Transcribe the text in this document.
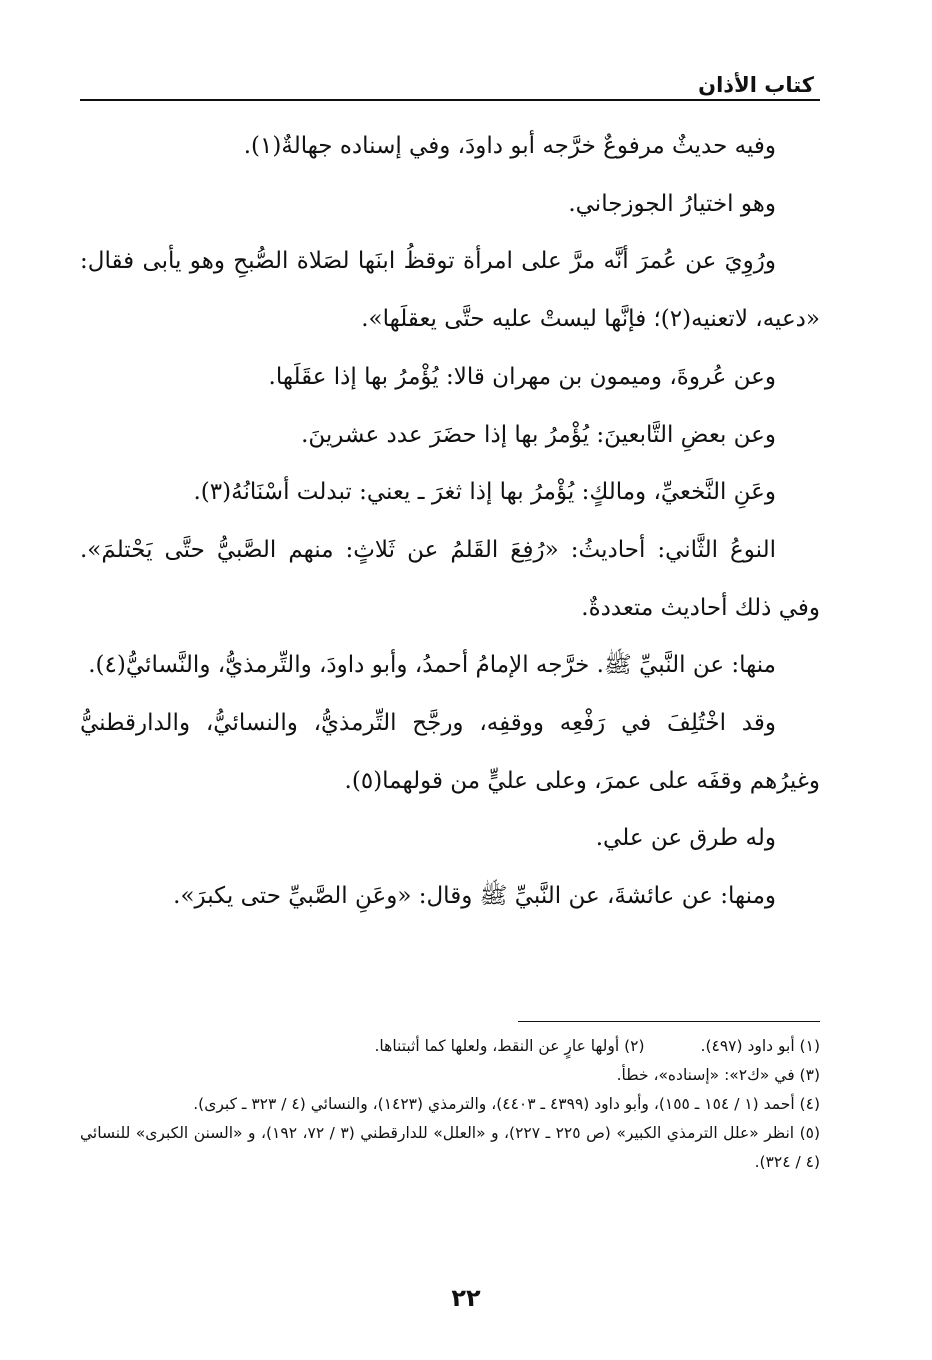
كتاب الأذان

وفيه حديثٌ مرفوعٌ خرَّجه أبو داودَ، وفي إسناده جهالةٌ(١).

وهو اختيارُ الجوزجاني.

ورُوِيَ عن عُمرَ أنَّه مرَّ على امرأة توقظُ ابنَها لصَلاة الصُّبحِ وهو يأبى فقال: «دعيه، لاتعنيه(٢)؛ فإنَّها ليستْ عليه حتَّى يعقلَها».

وعن عُروةَ، وميمون بن مهران قالا: يُؤْمرُ بها إذا عقَلَها.

وعن بعضِ التَّابعينَ: يُؤْمرُ بها إذا حضَرَ عدد عشرينَ.

وعَنِ النَّخعيِّ، ومالكٍ: يُؤْمرُ بها إذا ثغرَ ـ يعني: تبدلت أسْنَانُهُ(٣).

النوعُ الثَّاني: أحاديثُ: «رُفِعَ القَلمُ عن ثَلاثٍ: منهم الصَّبيُّ حتَّى يَحْتلمَ». وفي ذلك أحاديث متعددةٌ.

منها: عن النَّبيِّ ﷺ. خرَّجه الإمامُ أحمدُ، وأبو داودَ، والتِّرمذيُّ، والنَّسائيُّ(٤).

وقد اخْتُلِفَ في رَفْعِه ووقفِه، ورجَّح التِّرمذيُّ، والنسائيُّ، والدارقطنيُّ وغيرُهم وقفَه على عمرَ، وعلى عليٍّ من قولهما(٥).

وله طرق عن علي.

ومنها: عن عائشةَ، عن النَّبيِّ ﷺ وقال: «وعَنِ الصَّبيِّ حتى يكبرَ».

(١) أبو داود (٤٩٧).
(٢) أولها عارٍ عن النقط، ولعلها كما أثبتناها.

(٣) في «ك٢»: «إسناده»، خطأ.

(٤) أحمد (١ / ١٥٤ ـ ١٥٥)، وأبو داود (٤٣٩٩ ـ ٤٤٠٣)، والترمذي (١٤٢٣)، والنسائي (٤ / ٣٢٣ ـ كبرى).

(٥) انظر «علل الترمذي الكبير» (ص ٢٢٥ ـ ٢٢٧)، و «العلل» للدارقطني (٣ / ٧٢، ١٩٢)، و «السنن الكبرى» للنسائي (٤ / ٣٢٤).

٢٢
